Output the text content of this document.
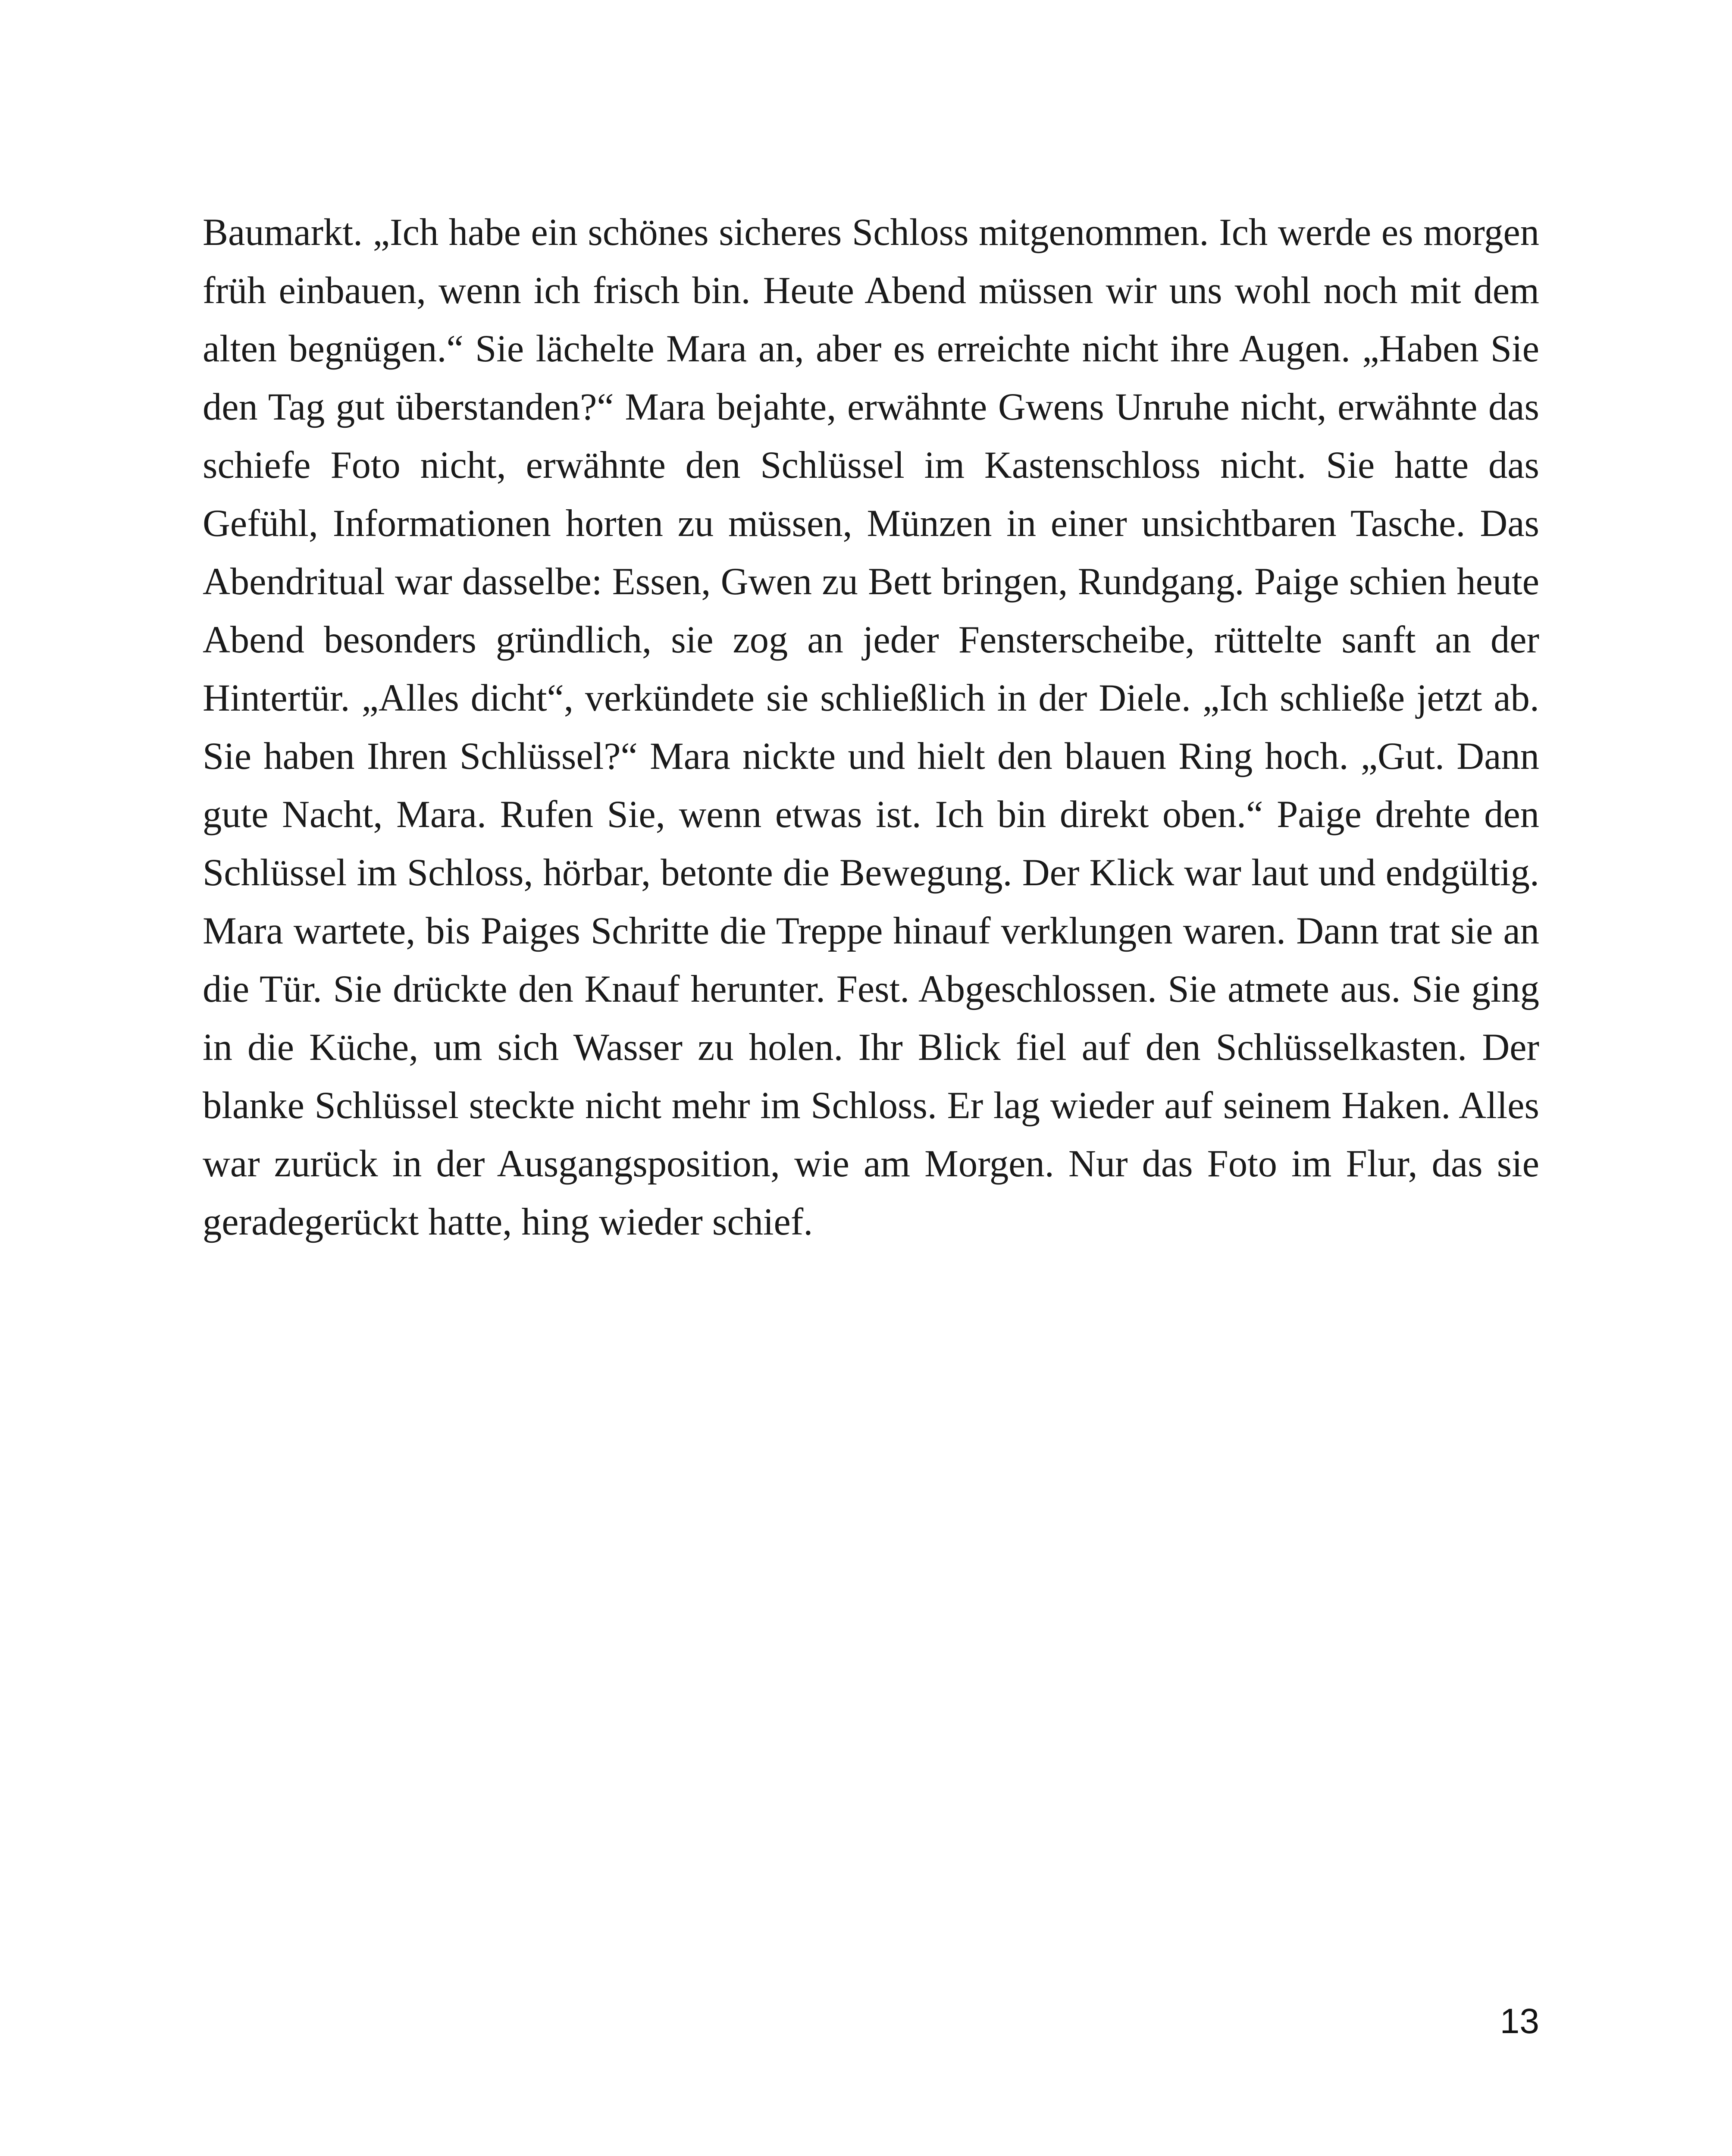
Baumarkt. „Ich habe ein schönes sicheres Schloss mitgenommen. Ich werde es morgen früh einbauen, wenn ich frisch bin. Heute Abend müssen wir uns wohl noch mit dem alten begnügen.“ Sie lächelte Mara an, aber es erreichte nicht ihre Augen. „Haben Sie den Tag gut überstanden?“ Mara bejahte, erwähnte Gwens Unruhe nicht, erwähnte das schiefe Foto nicht, erwähnte den Schlüssel im Kastenschloss nicht. Sie hatte das Gefühl, Informationen horten zu müssen, Münzen in einer unsichtbaren Tasche. Das Abendritual war dasselbe: Essen, Gwen zu Bett bringen, Rundgang. Paige schien heute Abend besonders gründlich, sie zog an jeder Fensterscheibe, rüttelte sanft an der Hintertür. „Alles dicht“, verkündete sie schließlich in der Diele. „Ich schließe jetzt ab. Sie haben Ihren Schlüssel?“ Mara nickte und hielt den blauen Ring hoch. „Gut. Dann gute Nacht, Mara. Rufen Sie, wenn etwas ist. Ich bin direkt oben.“ Paige drehte den Schlüssel im Schloss, hörbar, betonte die Bewegung. Der Klick war laut und endgültig. Mara wartete, bis Paiges Schritte die Treppe hinauf verklungen waren. Dann trat sie an die Tür. Sie drückte den Knauf herunter. Fest. Abgeschlossen. Sie atmete aus. Sie ging in die Küche, um sich Wasser zu holen. Ihr Blick fiel auf den Schlüsselkasten. Der blanke Schlüssel steckte nicht mehr im Schloss. Er lag wieder auf seinem Haken. Alles war zurück in der Ausgangsposition, wie am Morgen. Nur das Foto im Flur, das sie geradegerückt hatte, hing wieder schief.

13
